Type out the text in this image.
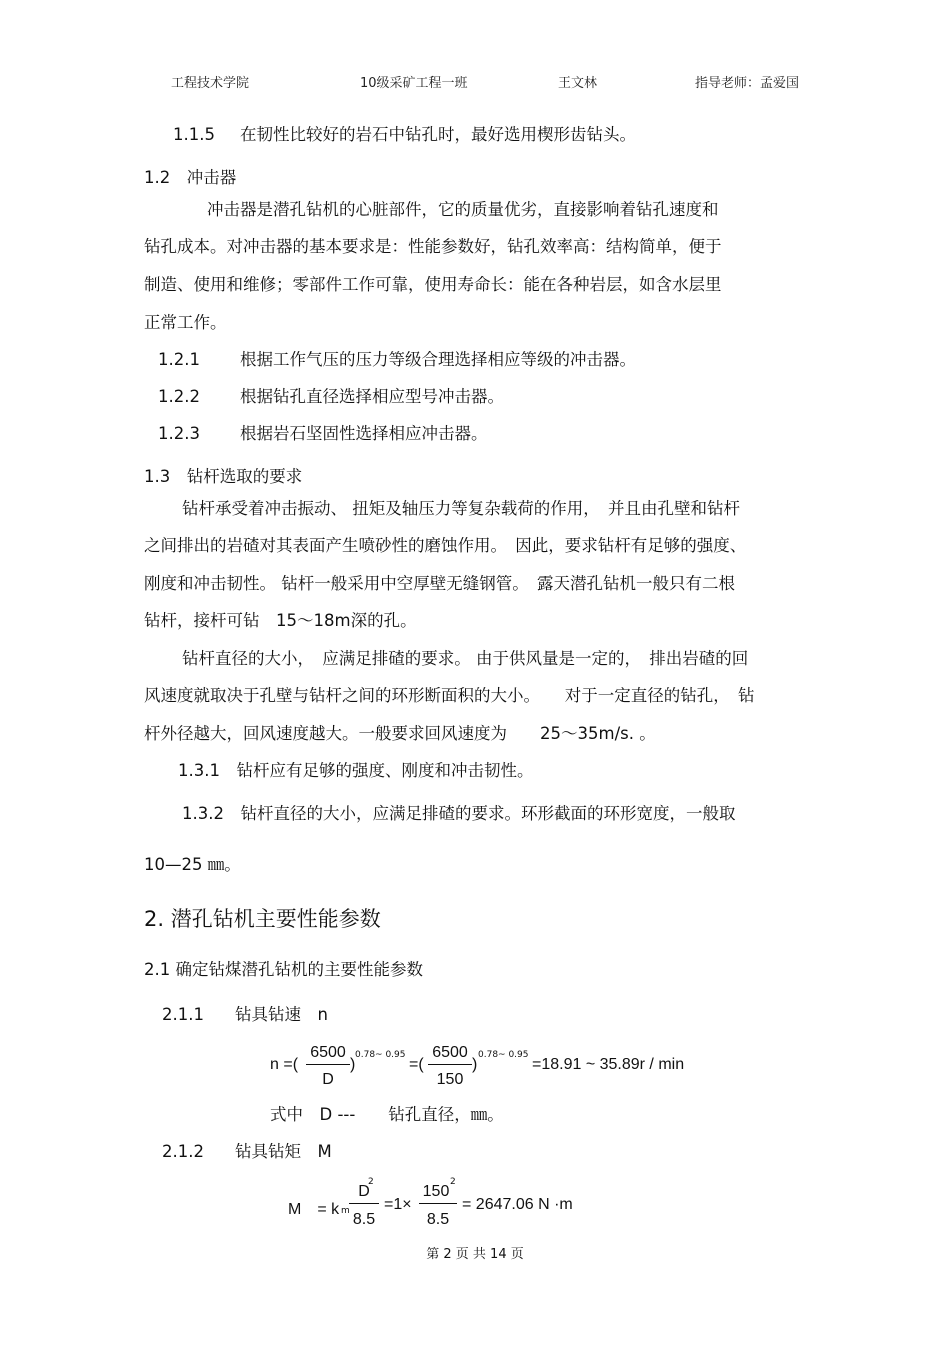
工程技术学院	10级采矿工程一班	王文林	指导老师：孟爱国
1.1.5 在韧性比较好的岩石中钻孔时，最好选用楔形齿钻头。
1.2　冲击器
冲击器是潜孔钻机的心脏部件，它的质量优劣，直接影响着钻孔速度和
钻孔成本。对冲击器的基本要求是：性能参数好，钻孔效率高：结构简单，便于
制造、使用和维修；零部件工作可靠，使用寿命长：能在各种岩层，如含水层里
正常工作。
1.2.1 根据工作气压的压力等级合理选择相应等级的冲击器。
1.2.2 根据钻孔直径选择相应型号冲击器。
1.2.3 根据岩石坚固性选择相应冲击器。
1.3　钻杆选取的要求
钻杆承受着冲击振动、 扭矩及轴压力等复杂载荷的作用，　并且由孔壁和钻杆
之间排出的岩碴对其表面产生喷砂性的磨蚀作用。　因此，要求钻杆有足够的强度、
刚度和冲击韧性。 钻杆一般采用中空厚壁无缝钢管。　露天潜孔钻机一般只有二根
钻杆，接杆可钻　15～18m深的孔。
钻杆直径的大小，　应满足排碴的要求。 由于供风量是一定的，　排出岩碴的回
风速度就取决于孔壁与钻杆之间的环形断面积的大小。　　对于一定直径的钻孔，　钻
杆外径越大，回风速度越大。一般要求回风速度为　　25～35m/s. 。
1.3.1　钻杆应有足够的强度、刚度和冲击韧性。
1.3.2　钻杆直径的大小，应满足排碴的要求。环形截面的环形宽度，一般取
10—25 ㎜。
2. 潜孔钻机主要性能参数
2.1 确定钻煤潜孔钻机的主要性能参数
2.1.1 钻具钻速　n
n =(
6500
D
)
0.78~ 0.95
=(
6500
150
)
0.78~ 0.95
=18.91 ~ 35.89r / min
式中　D ---　　钻孔直径，㎜。
2.1.2 钻具钻矩　M
M　= k m
D
2
8.5
=1×
150
2
8.5
= 2647.06 N ·m
第 2 页 共 14 页
